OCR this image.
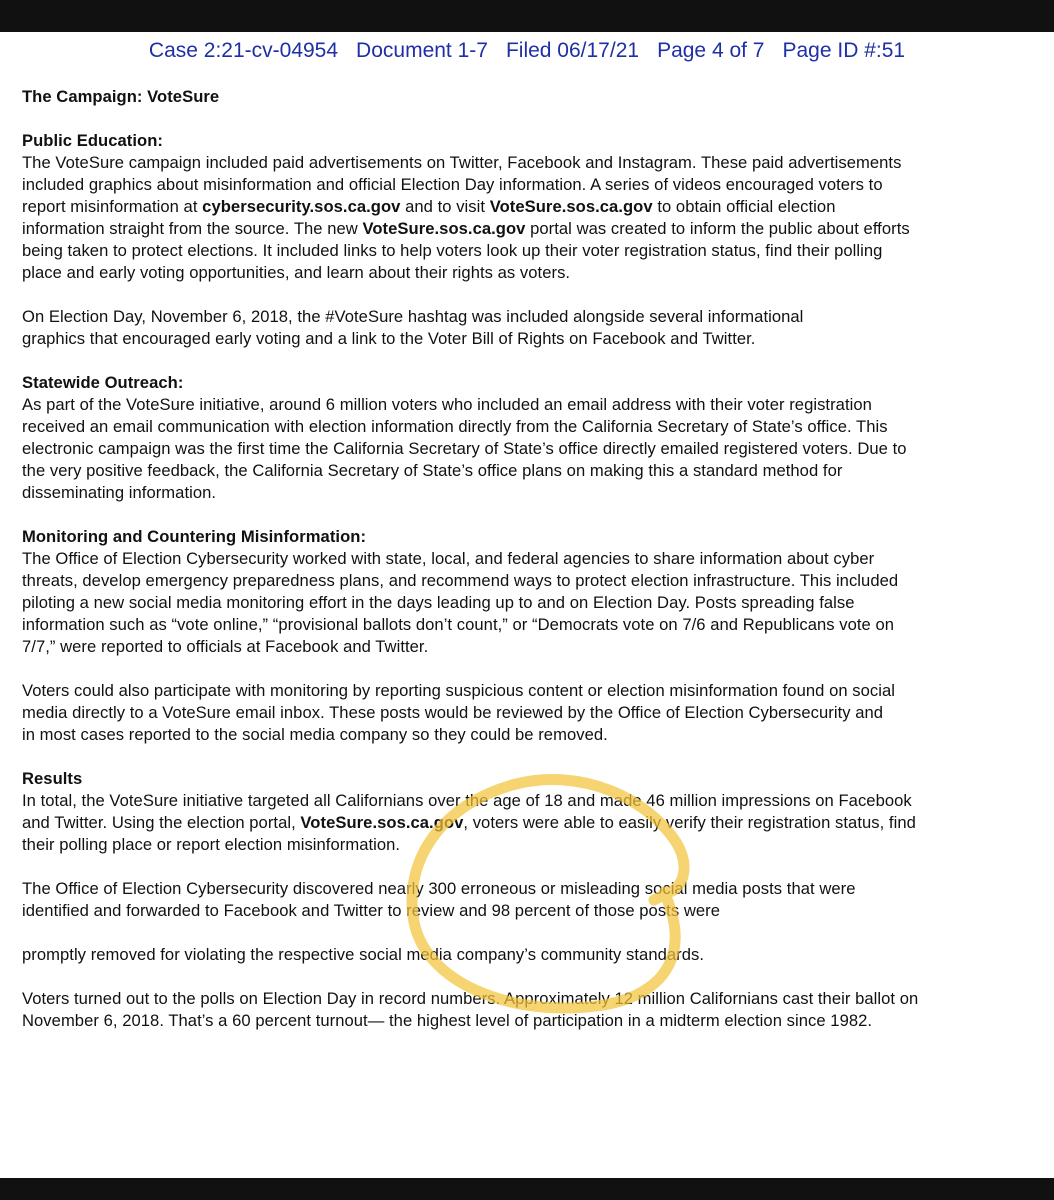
Case 2:21-cv-04954 Document 1-7 Filed 06/17/21 Page 4 of 7 Page ID #:51
The Campaign: VoteSure
Public Education:

The VoteSure campaign included paid advertisements on Twitter, Facebook and Instagram. These paid advertisements
included graphics about misinformation and official Election Day information. A series of videos encouraged voters to
report misinformation at cybersecurity.sos.ca.gov and to visit VoteSure.sos.ca.gov to obtain official election
information straight from the source. The new VoteSure.sos.ca.gov portal was created to inform the public about efforts
being taken to protect elections. It included links to help voters look up their voter registration status, find their polling
place and early voting opportunities, and learn about their rights as voters.

On Election Day, November 6, 2018, the #VoteSure hashtag was included alongside several informational
graphics that encouraged early voting and a link to the Voter Bill of Rights on Facebook and Twitter.

Statewide Outreach:

As part of the VoteSure initiative, around 6 million voters who included an email address with their voter registration
received an email communication with election information directly from the California Secretary of State’s office. This
electronic campaign was the first time the California Secretary of State’s office directly emailed registered voters. Due to
the very positive feedback, the California Secretary of State’s office plans on making this a standard method for
disseminating information.

Monitoring and Countering Misinformation:

The Office of Election Cybersecurity worked with state, local, and federal agencies to share information about cyber
threats, develop emergency preparedness plans, and recommend ways to protect election infrastructure. This included
piloting a new social media monitoring effort in the days leading up to and on Election Day. Posts spreading false
information such as “vote online,” “provisional ballots don’t count,” or “Democrats vote on 7/6 and Republicans vote on
7/7,” were reported to officials at Facebook and Twitter.

Voters could also participate with monitoring by reporting suspicious content or election misinformation found on social
media directly to a VoteSure email inbox. These posts would be reviewed by the Office of Election Cybersecurity and
in most cases reported to the social media company so they could be removed.

Results

In total, the VoteSure initiative targeted all Californians over the age of 18 and made 46 million impressions on Facebook
and Twitter. Using the election portal, VoteSure.sos.ca.gov, voters were able to easily verify their registration status, find
their polling place or report election misinformation.

The Office of Election Cybersecurity discovered nearly 300 erroneous or misleading social media posts that were
identified and forwarded to Facebook and Twitter to review and 98 percent of those posts were

promptly removed for violating the respective social media company’s community standards.

Voters turned out to the polls on Election Day in record numbers. Approximately 12 million Californians cast their ballot on
November 6, 2018. That’s a 60 percent turnout— the highest level of participation in a midterm election since 1982.
